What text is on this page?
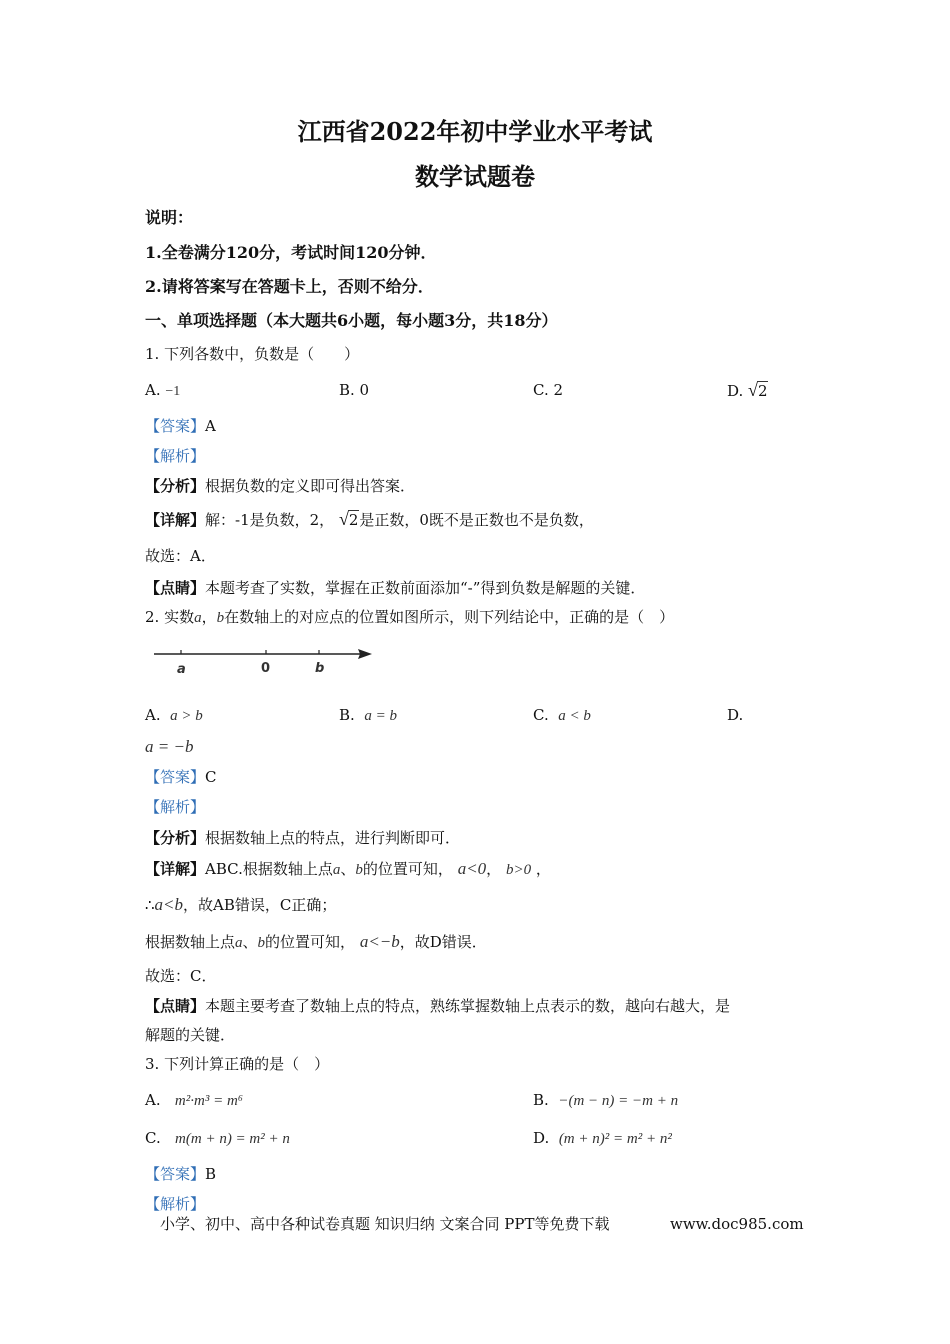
江西省2022年初中学业水平考试
数学试题卷
说明：
1.全卷满分120分，考试时间120分钟．
2.请将答案写在答题卡上，否则不给分．
一、单项选择题（本大题共6小题，每小题3分，共18分）
1. 下列各数中，负数是（　　）
A. −1	B. 0	C. 2	D. √2
【答案】A
【解析】
【分析】根据负数的定义即可得出答案．
【详解】解：-1是负数，2， √2是正数，0既不是正数也不是负数，
故选：A．
【点睛】本题考查了实数，掌握在正数前面添加“-”得到负数是解题的关键．
2. 实数a，b在数轴上的对应点的位置如图所示，则下列结论中，正确的是（　）
a	0	b
A. a > b	B. a = b	C. a < b	D.
a = −b
【答案】C
【解析】
【分析】根据数轴上点的特点，进行判断即可．
【详解】ABC.根据数轴上点a、b的位置可知， a<0， b>0 ，
∴a<b，故AB错误，C正确；
根据数轴上点a、b的位置可知， a<−b，故D错误．
故选：C．
【点睛】本题主要考查了数轴上点的特点，熟练掌握数轴上点表示的数，越向右越大，是
解题的关键．
3. 下列计算正确的是（　）
A. m²·m³ = m⁶	B. −(m − n) = −m + n
C. m(m + n) = m² + n	D. (m + n)² = m² + n²
【答案】B
【解析】
小学、初中、高中各种试卷真题 知识归纳 文案合同 PPT等免费下载	www.doc985.com
